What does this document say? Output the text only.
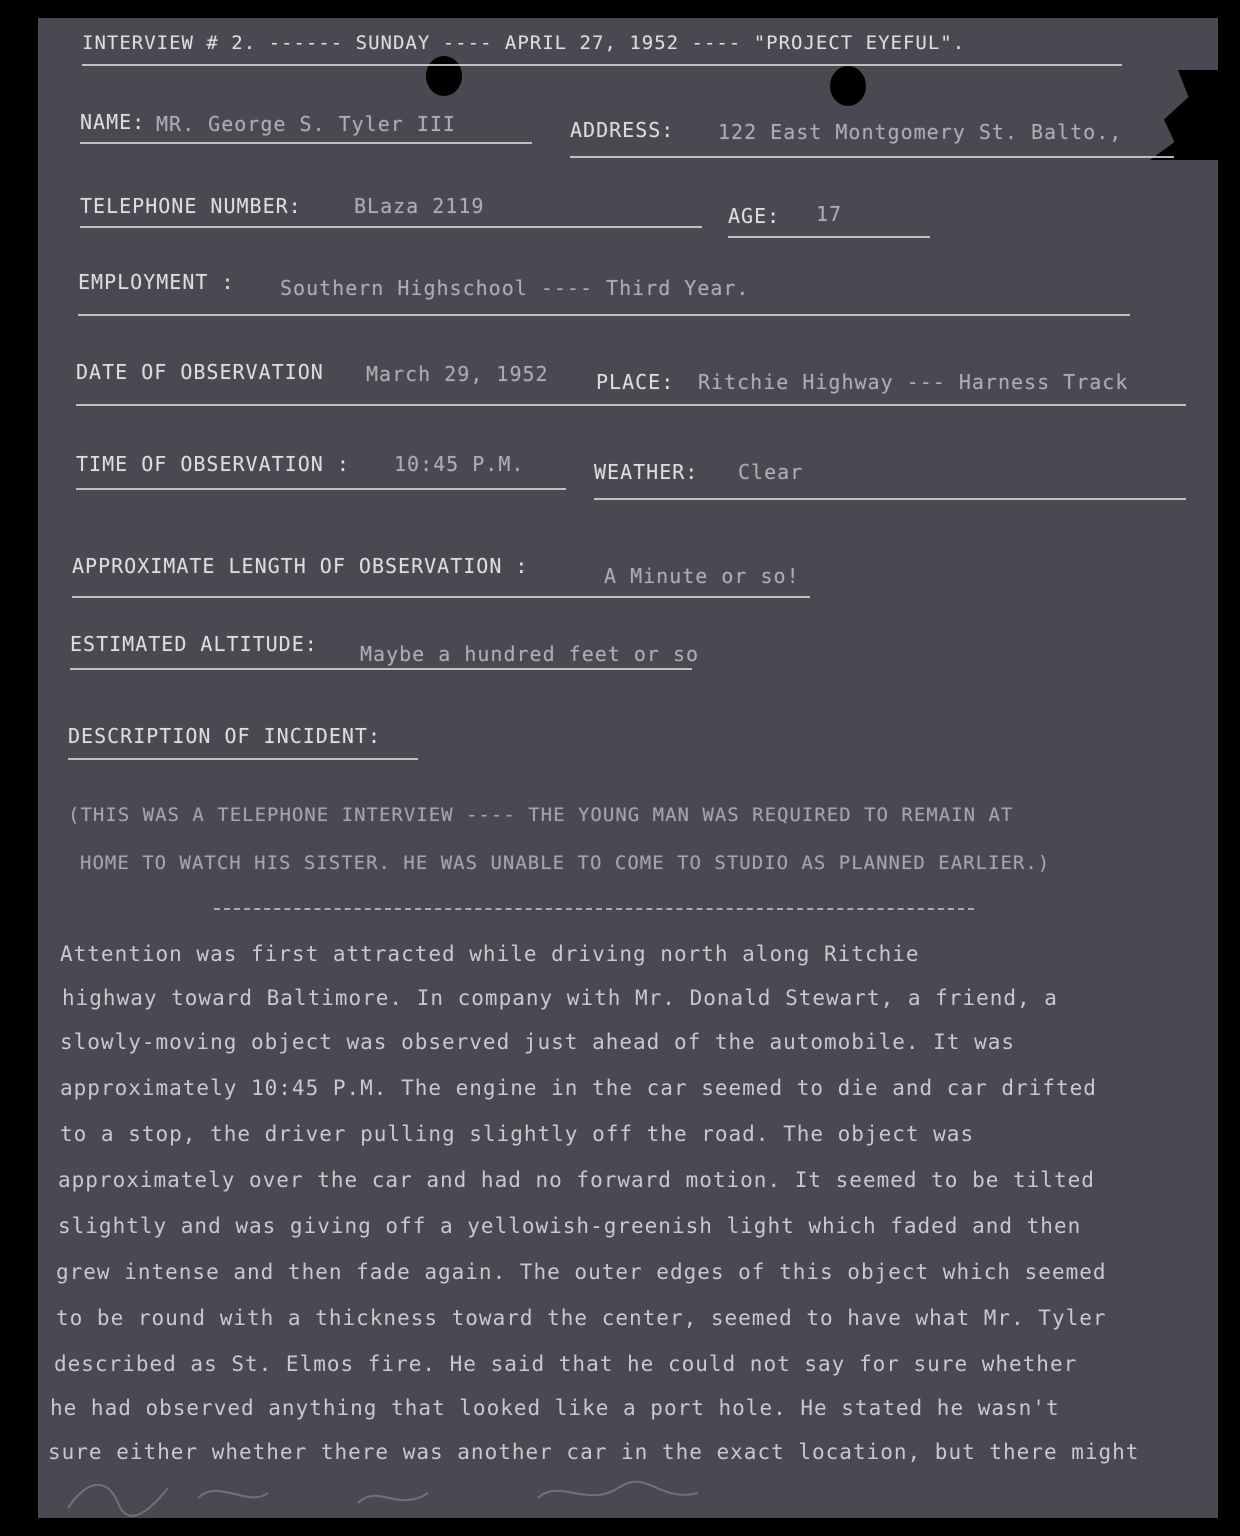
INTERVIEW # 2. ------ SUNDAY ---- APRIL 27, 1952 ---- "PROJECT EYEFUL".
NAME: MR. George S. Tyler III	ADDRESS: 122 East Montgomery St. Balto.,
TELEPHONE NUMBER:	BLaza 2119	AGE: 17
EMPLOYMENT : Southern Highschool ---- Third Year.
DATE OF OBSERVATION March 29, 1952 PLACE: Ritchie Highway --- Harness Track
TIME OF OBSERVATION : 10:45 P.M.	WEATHER: Clear
APPROXIMATE LENGTH OF OBSERVATION :	A Minute or so!
ESTIMATED ALTITUDE: Maybe a hundred feet or so
DESCRIPTION OF INCIDENT:
(THIS WAS A TELEPHONE INTERVIEW ---- THE YOUNG MAN WAS REQUIRED TO REMAIN AT
HOME TO WATCH HIS SISTER. HE WAS UNABLE TO COME TO STUDIO AS PLANNED EARLIER.)
Attention was first attracted while driving north along Ritchie
highway toward Baltimore. In company with Mr. Donald Stewart, a friend, a
slowly-moving object was observed just ahead of the automobile. It was
approximately 10:45 P.M. The engine in the car seemed to die and car drifted
to a stop, the driver pulling slightly off the road. The object was
approximately over the car and had no forward motion. It seemed to be tilted
slightly and was giving off a yellowish-greenish light which faded and then
grew intense and then fade again. The outer edges of this object which seemed
to be round with a thickness toward the center, seemed to have what Mr. Tyler
described as St. Elmos fire. He said that he could not say for sure whether
he had observed anything that looked like a port hole. He stated he wasn't
sure either whether there was another car in the exact location, but there might
